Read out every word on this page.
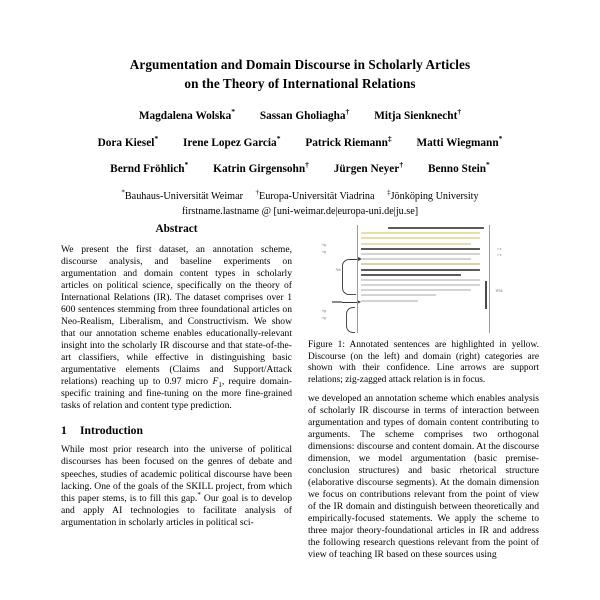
Argumentation and Domain Discourse in Scholarly Articles
on the Theory of International Relations
Magdalena Wolska* Sassan Gholiagha† Mitja Sienknecht†
Dora Kiesel* Irene Lopez Garcia* Patrick Riemann‡ Matti Wiegmann*
Bernd Fröhlich* Katrin Girgensohn† Jürgen Neyer† Benno Stein*
*Bauhaus-Universität Weimar †Europa-Universität Viadrina ‡Jönköping University
firstname.lastname @ [uni-weimar.de|europa-uni.de|ju.se]
Abstract

We present the first dataset, an annotation scheme, discourse analysis, and baseline experiments on argumentation and domain content types in scholarly articles on political science, specifically on the theory of International Relations (IR). The dataset comprises over 1 600 sentences stemming from three foundational articles on Neo-Realism, Liberalism, and Constructivism. We show that our annotation scheme enables educationally-relevant insight into the scholarly IR discourse and that state-of-the-art classifiers, while effective in distinguishing basic argumentative elements (Claims and Support/Attack relations) reaching up to 0.97 micro $F_1$, require domain-specific training and fine-tuning on the more fine-grained tasks of relation and content type prediction.

1	Introduction

While most prior research into the universe of political discourses has been focused on the genres of debate and speeches, studies of academic political discourse have been lacking. One of the goals of the SKILL project, from which this paper stems, is to fill this gap.* Our goal is to develop and apply AI technologies to facilitate analysis of argumentation in scholarly articles in political sci-

+ip
+ip
Ark
+ip
+ip
t-x
t-x
Whh

Figure 1: Annotated sentences are highlighted in yellow. Discourse (on the left) and domain (right) categories are shown with their confidence. Line arrows are support relations; zig-zagged attack relation is in focus.

we developed an annotation scheme which enables analysis of scholarly IR discourse in terms of interaction between argumentation and types of domain content contributing to arguments. The scheme comprises two orthogonal dimensions: discourse and content domain. At the discourse dimension, we model argumentation (basic premise-conclusion structures) and basic rhetorical structure (elaborative discourse segments). At the domain dimension we focus on contributions relevant from the point of view of the IR domain and distinguish between theoretically and empirically-focused statements. We apply the scheme to three major theory-foundational articles in IR and address the following research questions relevant from the point of view of teaching IR based on these sources using
